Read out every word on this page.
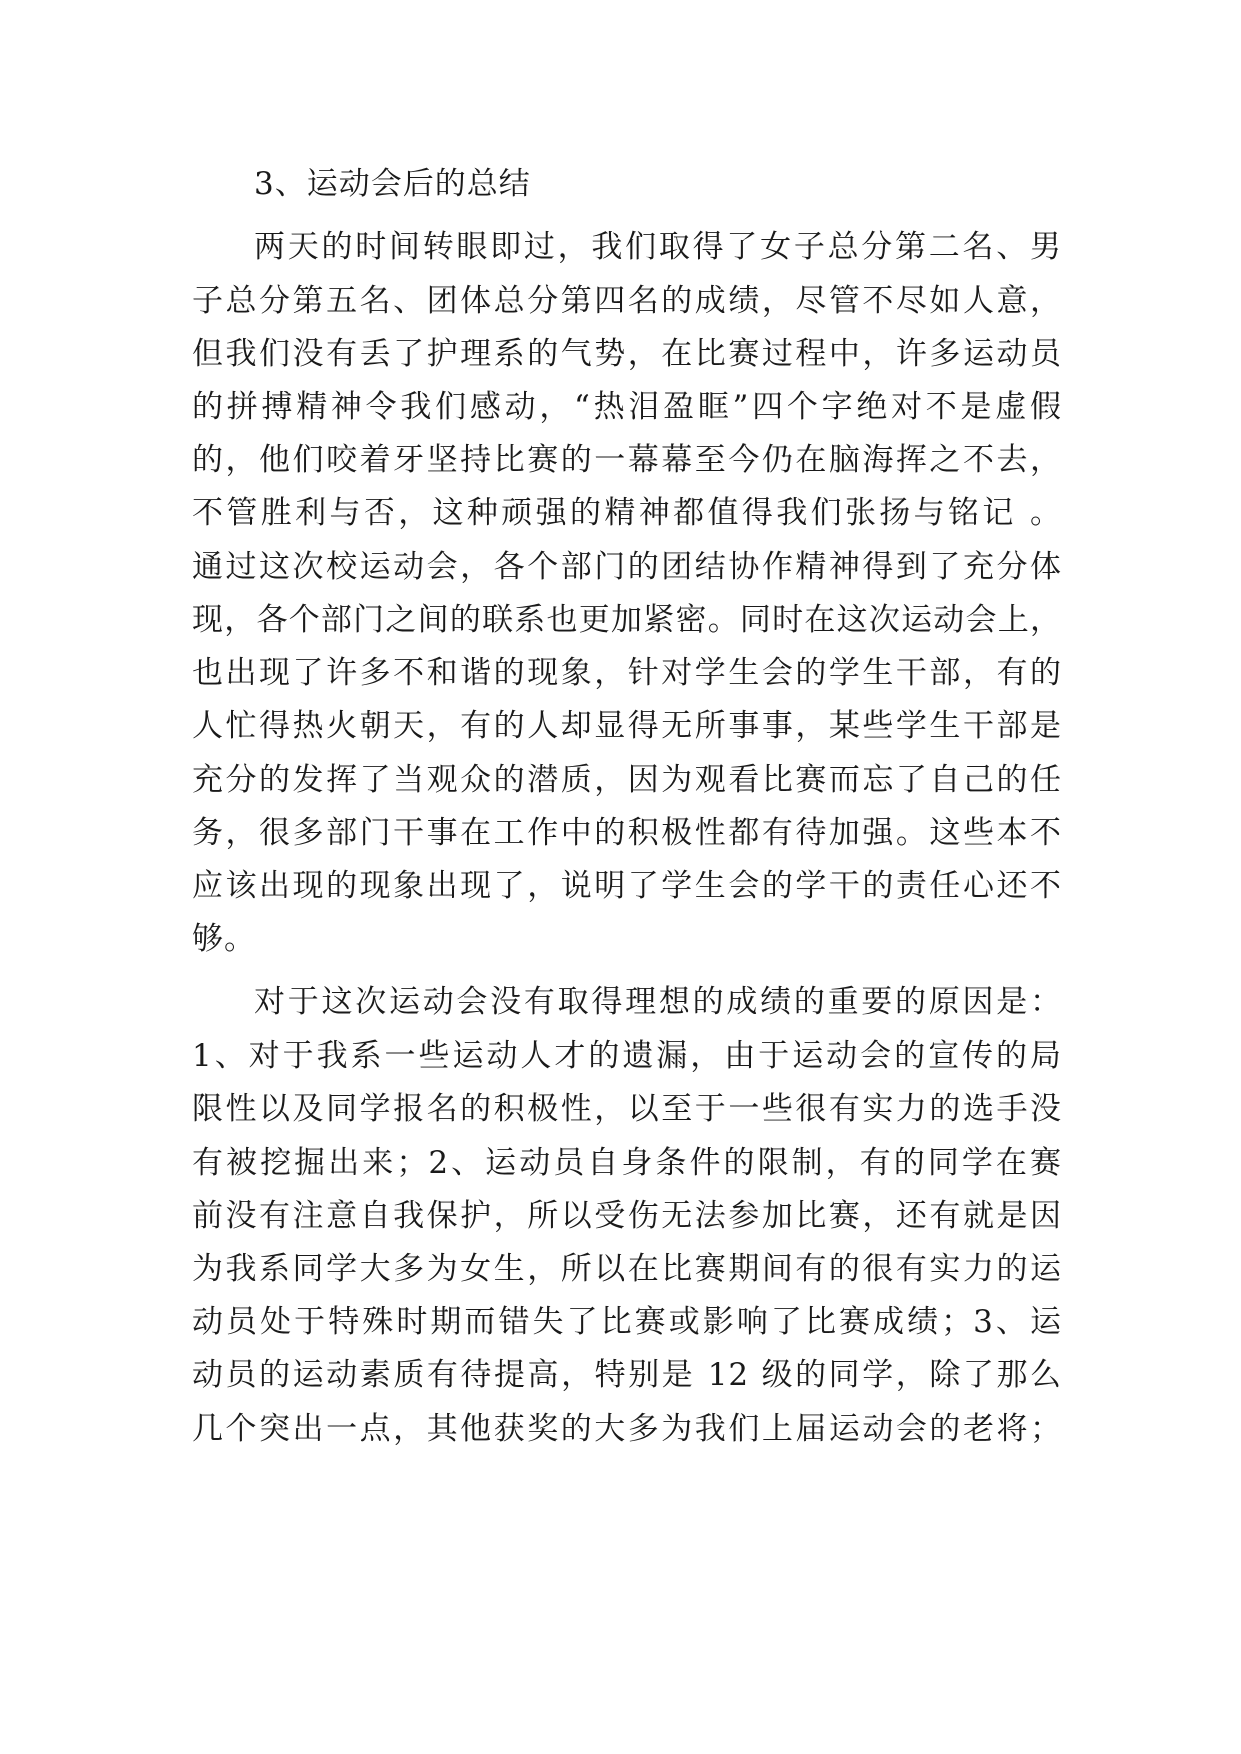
3、运动会后的总结
两天的时间转眼即过，我们取得了女子总分第二名、男
子总分第五名、团体总分第四名的成绩，尽管不尽如人意，
但我们没有丢了护理系的气势，在比赛过程中，许多运动员
的拼搏精神令我们感动，“热泪盈眶”四个字绝对不是虚假
的，他们咬着牙坚持比赛的一幕幕至今仍在脑海挥之不去，
不管胜利与否，这种顽强的精神都值得我们张扬与铭记 。
通过这次校运动会，各个部门的团结协作精神得到了充分体
现，各个部门之间的联系也更加紧密。同时在这次运动会上，
也出现了许多不和谐的现象，针对学生会的学生干部，有的
人忙得热火朝天，有的人却显得无所事事，某些学生干部是
充分的发挥了当观众的潜质，因为观看比赛而忘了自己的任
务，很多部门干事在工作中的积极性都有待加强。这些本不
应该出现的现象出现了，说明了学生会的学干的责任心还不
够。
对于这次运动会没有取得理想的成绩的重要的原因是：
1、对于我系一些运动人才的遗漏，由于运动会的宣传的局
限性以及同学报名的积极性，以至于一些很有实力的选手没
有被挖掘出来；2、运动员自身条件的限制，有的同学在赛
前没有注意自我保护，所以受伤无法参加比赛，还有就是因
为我系同学大多为女生，所以在比赛期间有的很有实力的运
动员处于特殊时期而错失了比赛或影响了比赛成绩；3、运
动员的运动素质有待提高，特别是 12 级的同学，除了那么
几个突出一点，其他获奖的大多为我们上届运动会的老将；
